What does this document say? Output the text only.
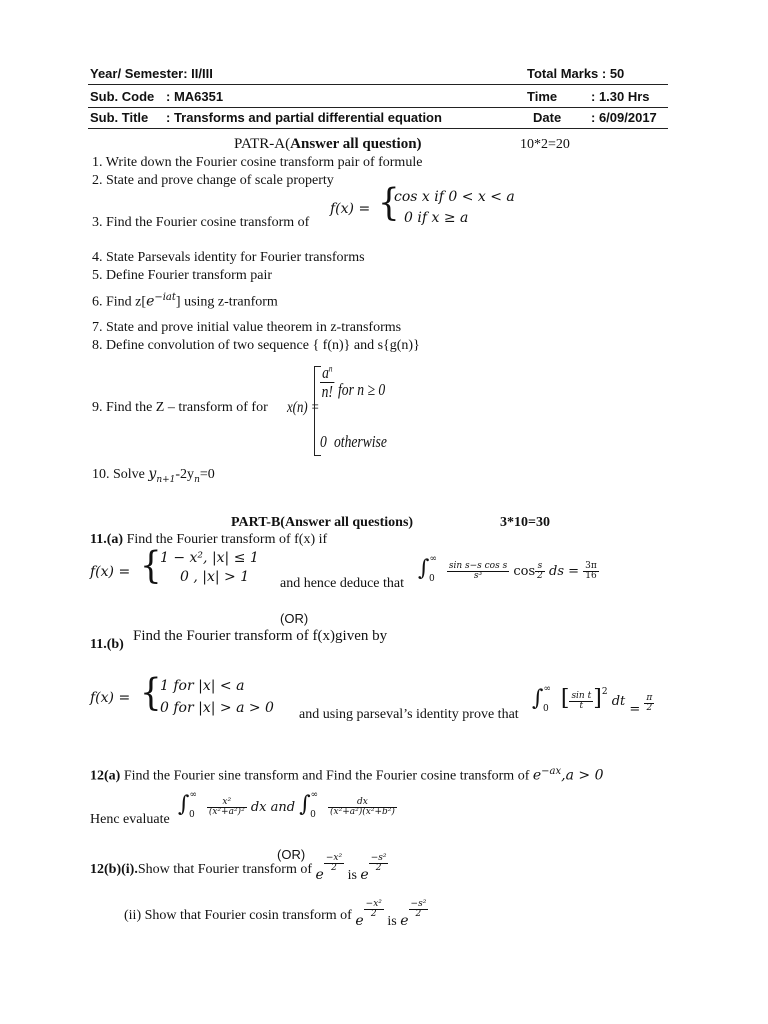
Year/ Semester: II/III	Total Marks : 50
Sub. Code : MA6351	Time	: 1.30 Hrs
Sub. Title : Transforms and partial differential equation	Date : 6/09/2017
PATR-A(Answer all question)	10*2=20
1. Write down the Fourier cosine transform pair of formule
2. State and prove change of scale property
3. Find the Fourier cosine transform of
f(x) = {
cos x if 0 < x < a
0 if x ≥ a
4. State Parsevals identity for Fourier transforms
5. Define Fourier transform pair
6. Find $z[e^{-iat}]$ using z-tranform
7. State and prove initial value theorem in z-transforms
8. Define convolution of two sequence { f(n)} and s{g(n)}
9. Find the Z – transform of for x(n) =
$\frac{a^n}{n!}$ for n ≥ 0
0 otherwise
10. Solve $y_{n+1}-2y_n=0$
PART-B(Answer all questions)	3*10=30
11.(a) Find the Fourier transform of f(x) if
f(x) = {
1 − x², |x| ≤ 1
0 , |x| > 1 and hence deduce that
$\int^\infty_0 \frac{\text{sin s−s cos s}}{\text{s³}}$ $\cos \frac{s}{2}$ ds = $\frac{3\pi}{16}$
(OR)
11.(b)
Find the Fourier transform of f(x)given by
f(x) = {
1 for |x| < a
0 for |x| > a > 0 and using parseval’s identity prove that
$\int^\infty_0$ [ $\frac{\text{sin t}}{t} ]^2$ dt = $\frac{\pi}{2}$
12(a) Find the Fourier sine transform and Find the Fourier cosine transform of $e^{-ax},a > 0$
Henc evaluate
$\int^\infty_0 \frac{\text{x²}}{\text{(x²+a²)²}}$ dx and $\int^\infty_0 \frac{dx}{\text{(x²+a²)(x²+b²)}}$
(OR)
12(b)(i).Show that Fourier transform of e
$\frac{\text{−x²}}{2}$
is e
$\frac{\text{−s²}}{2}$
(ii) Show that Fourier cosin transform of e
$\frac{\text{−x²}}{2}$
is e
$\frac{\text{−s²}}{2}$
